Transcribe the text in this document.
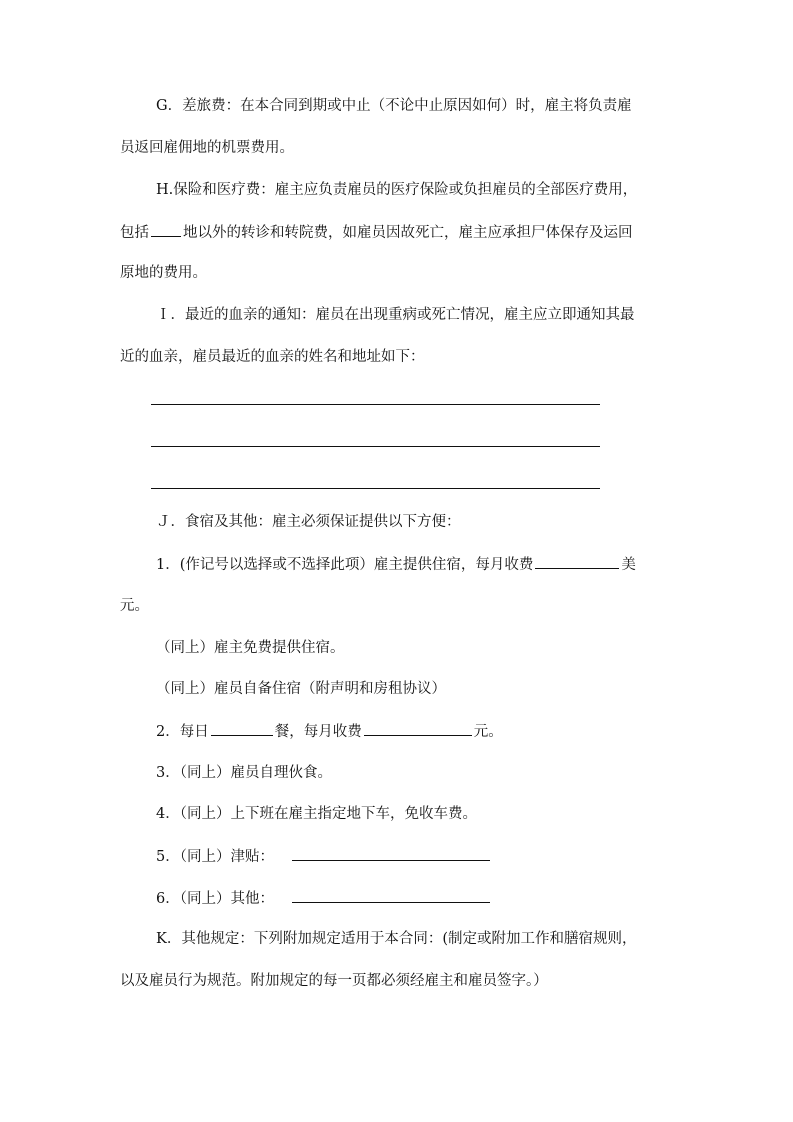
G．差旅费：在本合同到期或中止（不论中止原因如何）时，雇主将负责雇
员返回雇佣地的机票费用。
H.保险和医疗费：雇主应负责雇员的医疗保险或负担雇员的全部医疗费用，
包括 地以外的转诊和转院费，如雇员因故死亡，雇主应承担尸体保存及运回
原地的费用。
Ｉ．最近的血亲的通知：雇员在出现重病或死亡情况，雇主应立即通知其最
近的血亲，雇员最近的血亲的姓名和地址如下：
Ｊ．食宿及其他：雇主必须保证提供以下方便：
1．(作记号以选择或不选择此项）雇主提供住宿，每月收费	美
元。
（同上）雇主免费提供住宿。
（同上）雇员自备住宿（附声明和房租协议）
2．每日	餐，每月收费	元。
3．（同上）雇员自理伙食。
4．（同上）上下班在雇主指定地下车，免收车费。
5．（同上）津贴：
6．（同上）其他：
K．其他规定：下列附加规定适用于本合同：(制定或附加工作和膳宿规则，
以及雇员行为规范。附加规定的每一页都必须经雇主和雇员签字。）
